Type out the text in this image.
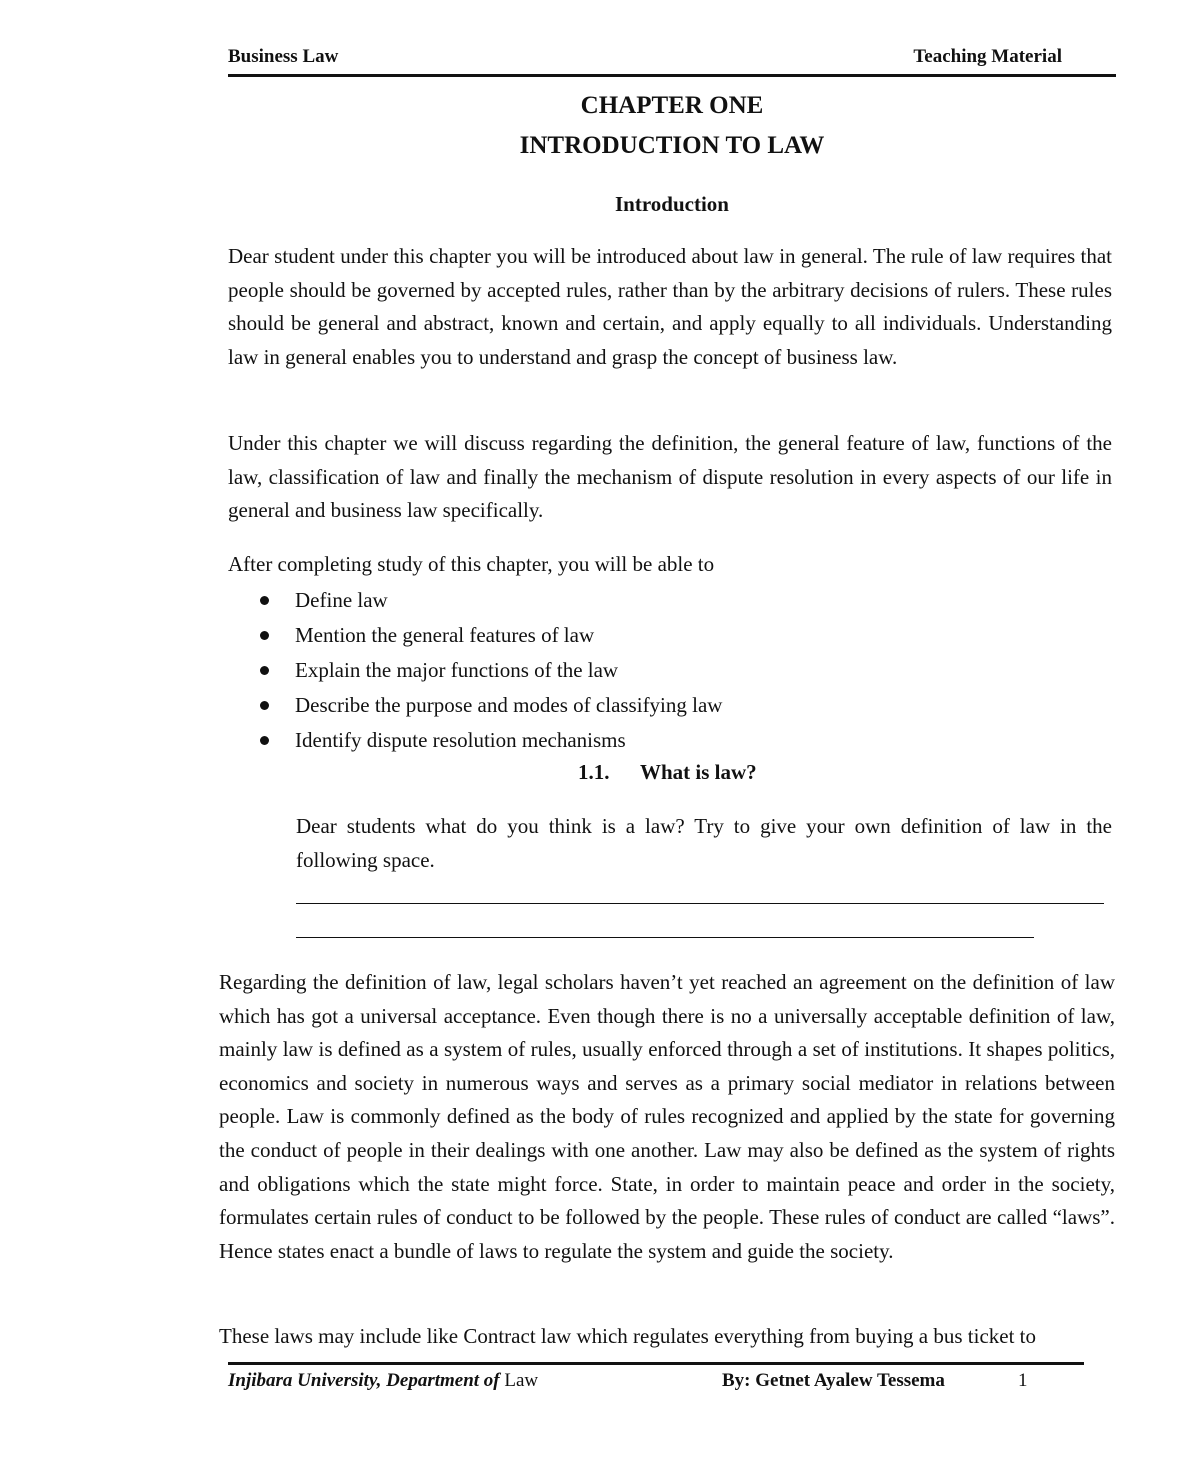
Business Law	Teaching Material
CHAPTER ONE
INTRODUCTION TO LAW
Introduction

Dear student under this chapter you will be introduced about law in general. The rule of law requires that people should be governed by accepted rules, rather than by the arbitrary decisions of rulers. These rules should be general and abstract, known and certain, and apply equally to all individuals. Understanding law in general enables you to understand and grasp the concept of business law.

Under this chapter we will discuss regarding the definition, the general feature of law, functions of the law, classification of law and finally the mechanism of dispute resolution in every aspects of our life in general and business law specifically.

After completing study of this chapter, you will be able to

Define law
Mention the general features of law
Explain the major functions of the law
Describe the purpose and modes of classifying law
Identify dispute resolution mechanisms
1.1. What is law?

Dear students what do you think is a law? Try to give your own definition of law in the following space.

Regarding the definition of law, legal scholars haven’t yet reached an agreement on the definition of law which has got a universal acceptance. Even though there is no a universally acceptable definition of law, mainly law is defined as a system of rules, usually enforced through a set of institutions. It shapes politics, economics and society in numerous ways and serves as a primary social mediator in relations between people. Law is commonly defined as the body of rules recognized and applied by the state for governing the conduct of people in their dealings with one another. Law may also be defined as the system of rights and obligations which the state might force. State, in order to maintain peace and order in the society, formulates certain rules of conduct to be followed by the people. These rules of conduct are called “laws”. Hence states enact a bundle of laws to regulate the system and guide the society.

These laws may include like Contract law which regulates everything from buying a bus ticket to

Injibara University, Department of Law	By: Getnet Ayalew Tessema	1
